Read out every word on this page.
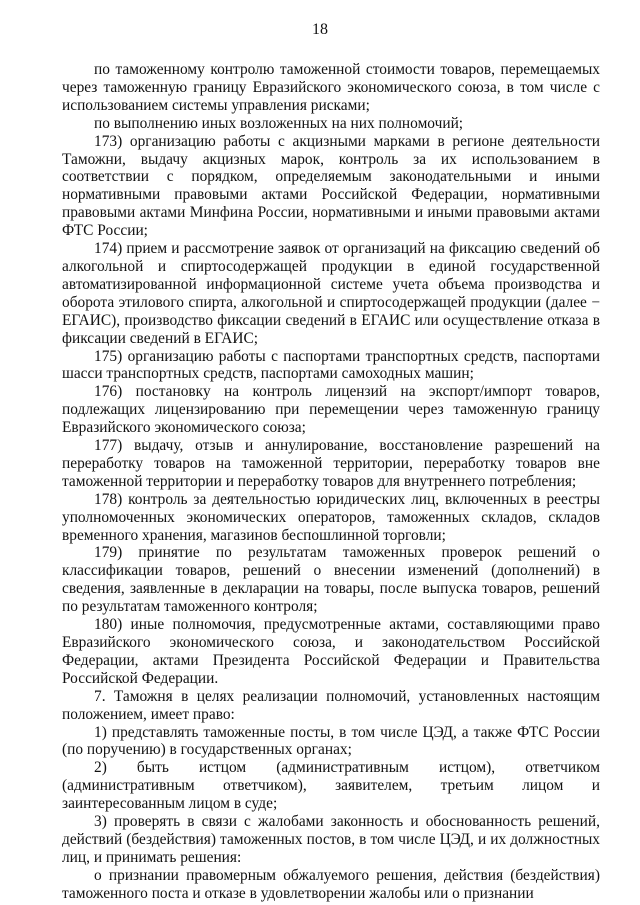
18

по таможенному контролю таможенной стоимости товаров, перемещаемых через таможенную границу Евразийского экономического союза, в том числе с использованием системы управления рисками;

по выполнению иных возложенных на них полномочий;

173) организацию работы с акцизными марками в регионе деятельности Таможни, выдачу акцизных марок, контроль за их использованием в соответствии с порядком, определяемым законодательными и иными нормативными правовыми актами Российской Федерации, нормативными правовыми актами Минфина России, нормативными и иными правовыми актами ФТС России;

174) прием и рассмотрение заявок от организаций на фиксацию сведений об алкогольной и спиртосодержащей продукции в единой государственной автоматизированной информационной системе учета объема производства и оборота этилового спирта, алкогольной и спиртосодержащей продукции (далее − ЕГАИС), производство фиксации сведений в ЕГАИС или осуществление отказа в фиксации сведений в ЕГАИС;

175) организацию работы с паспортами транспортных средств, паспортами шасси транспортных средств, паспортами самоходных машин;

176) постановку на контроль лицензий на экспорт/импорт товаров, подлежащих лицензированию при перемещении через таможенную границу Евразийского экономического союза;

177) выдачу, отзыв и аннулирование, восстановление разрешений на переработку товаров на таможенной территории, переработку товаров вне таможенной территории и переработку товаров для внутреннего потребления;

178) контроль за деятельностью юридических лиц, включенных в реестры уполномоченных экономических операторов, таможенных складов, складов временного хранения, магазинов беспошлинной торговли;

179) принятие по результатам таможенных проверок решений о классификации товаров, решений о внесении изменений (дополнений) в сведения, заявленные в декларации на товары, после выпуска товаров, решений по результатам таможенного контроля;

180) иные полномочия, предусмотренные актами, составляющими право Евразийского экономического союза, и законодательством Российской Федерации, актами Президента Российской Федерации и Правительства Российской Федерации.

7. Таможня в целях реализации полномочий, установленных настоящим положением, имеет право:

1) представлять таможенные посты, в том числе ЦЭД, а также ФТС России (по поручению) в государственных органах;

2) быть истцом (административным истцом), ответчиком (административным ответчиком), заявителем, третьим лицом и заинтересованным лицом в суде;

3) проверять в связи с жалобами законность и обоснованность решений, действий (бездействия) таможенных постов, в том числе ЦЭД, и их должностных лиц, и принимать решения:

о признании правомерным обжалуемого решения, действия (бездействия) таможенного поста и отказе в удовлетворении жалобы или о признании
